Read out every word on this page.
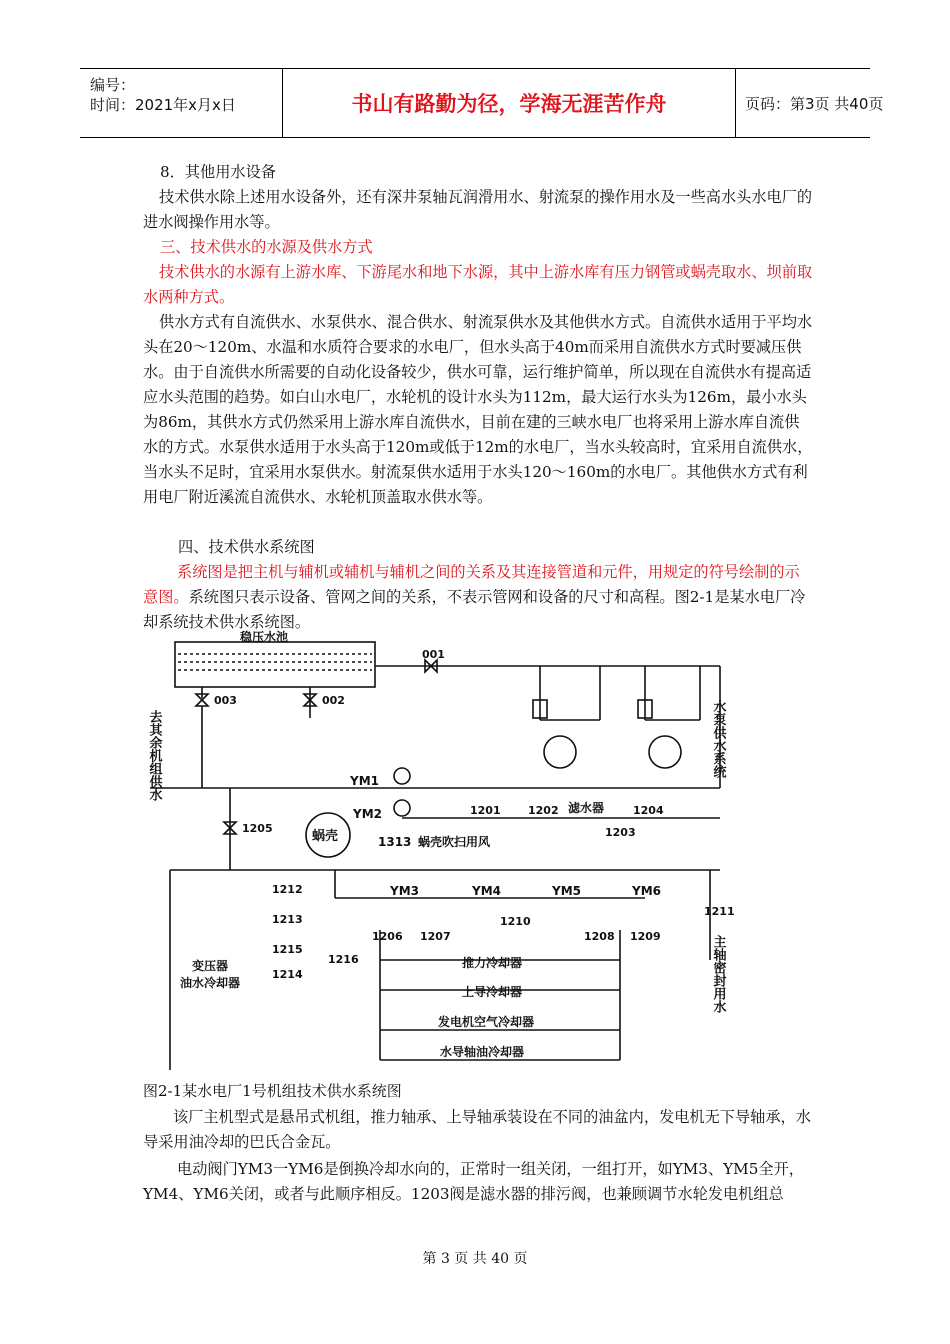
编号：
时间：2021年x月x日	书山有路勤为径，学海无涯苦作舟	页码：第3页 共40页
8．其他用水设备
技术供水除上述用水设备外，还有深井泵轴瓦润滑用水、射流泵的操作用水及一些高水头水电厂的进水阀操作用水等。
三、技术供水的水源及供水方式
技术供水的水源有上游水库、下游尾水和地下水源，其中上游水库有压力钢管或蜗壳取水、坝前取水两种方式。
供水方式有自流供水、水泵供水、混合供水、射流泵供水及其他供水方式。自流供水适用于平均水头在20～120m、水温和水质符合要求的水电厂，但水头高于40m而采用自流供水方式时要减压供水。由于自流供水所需要的自动化设备较少，供水可靠，运行维护简单，所以现在自流供水有提高适应水头范围的趋势。如白山水电厂，水轮机的设计水头为112m，最大运行水头为126m，最小水头为86m，其供水方式仍然采用上游水库自流供水，目前在建的三峡水电厂也将采用上游水库自流供水的方式。水泵供水适用于水头高于120m或低于12m的水电厂，当水头较高时，宜采用自流供水，当水头不足时，宜采用水泵供水。射流泵供水适用于水头120～160m的水电厂。其他供水方式有利用电厂附近溪流自流供水、水轮机顶盖取水供水等。
四、技术供水系统图
系统图是把主机与辅机或辅机与辅机之间的关系及其连接管道和元件，用规定的符号绘制的示意图。系统图只表示设备、管网之间的关系，不表示管网和设备的尺寸和高程。图2-1是某水电厂冷却系统技术供水系统图。
稳压水池
001
003	002	水泵供水系统
去其余机组供水	YM1
YM2
蜗壳
1205
1201 1202 滤水器	1204
1203
1313 蜗壳吹扫用风
YM3	YM4	YM5	YM6
1212
1213
1215
1214
1216
变压器
油水冷却器
1206 1207
1210
1208 1209
1211
主轴密封用水
推力冷却器
上导冷却器
发电机空气冷却器
水导轴油冷却器
图2-1某水电厂1号机组技术供水系统图
该厂主机型式是悬吊式机组，推力轴承、上导轴承装设在不同的油盆内，发电机无下导轴承，水导采用油冷却的巴氏合金瓦。
电动阀门YM3一YM6是倒换冷却水向的，正常时一组关闭，一组打开，如YM3、YM5全开，YM4、YM6关闭，或者与此顺序相反。1203阀是滤水器的排污阀，也兼顾调节水轮发电机组总
第 3 页 共 40 页
